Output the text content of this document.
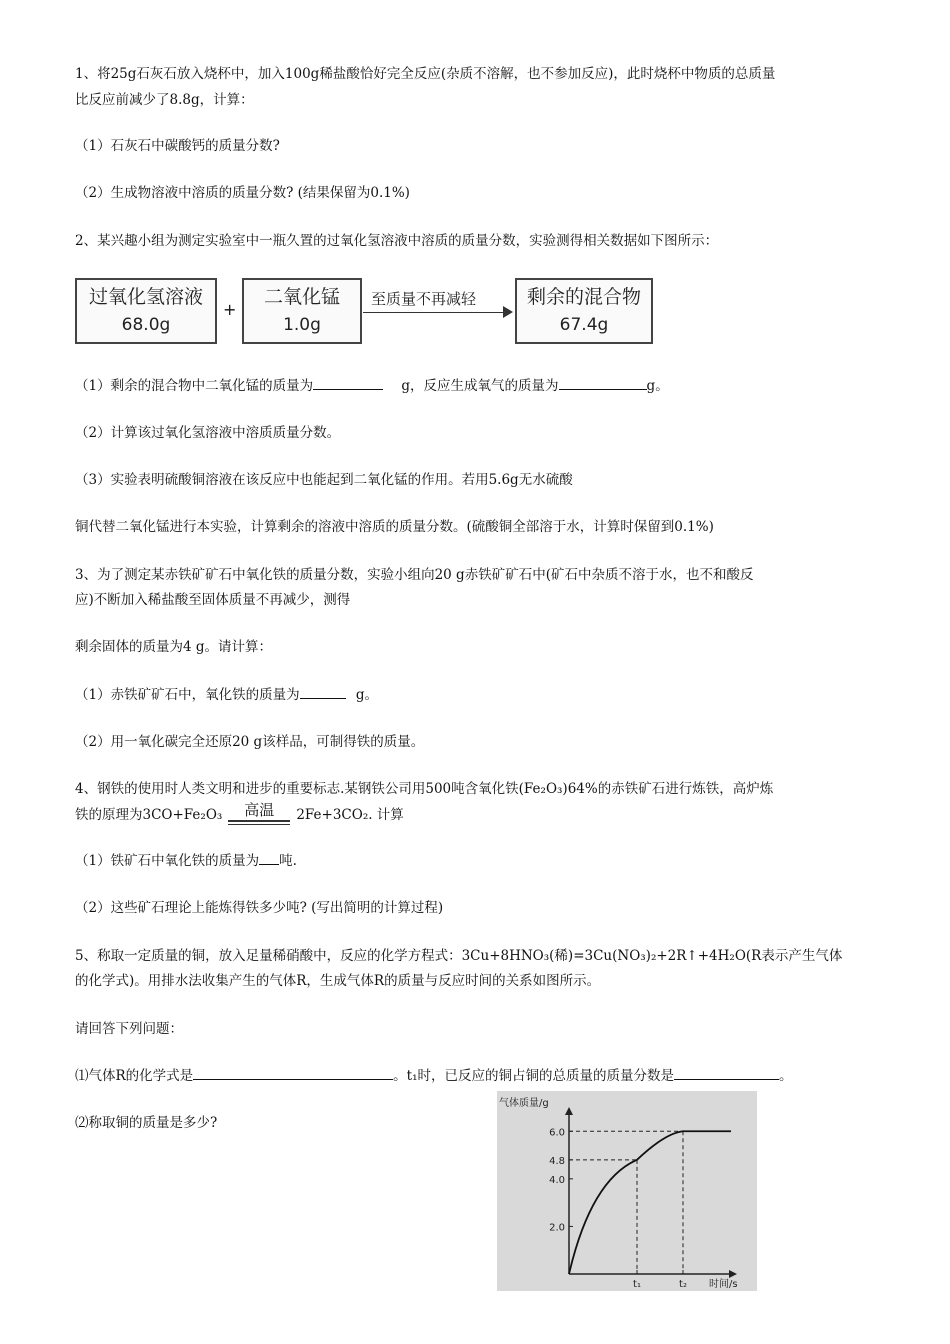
1、将25g石灰石放入烧杯中，加入100g稀盐酸恰好完全反应(杂质不溶解，也不参加反应)，此时烧杯中物质的总质量
比反应前减少了8.8g，计算：
（1）石灰石中碳酸钙的质量分数?
（2）生成物溶液中溶质的质量分数? (结果保留为0.1%)
2、某兴趣小组为测定实验室中一瓶久置的过氧化氢溶液中溶质的质量分数，实验测得相关数据如下图所示：
过氧化氢溶液
68.0g
+
二氧化锰
1.0g
至质量不再减轻	剩余的混合物
67.4g
（1）剩余的混合物中二氧化锰的质量为	g，反应生成氧气的质量为	g。
（2）计算该过氧化氢溶液中溶质质量分数。
（3）实验表明硫酸铜溶液在该反应中也能起到二氧化锰的作用。若用5.6g无水硫酸
铜代替二氧化锰进行本实验，计算剩余的溶液中溶质的质量分数。(硫酸铜全部溶于水，计算时保留到0.1%)
3、为了测定某赤铁矿矿石中氧化铁的质量分数，实验小组向20 g赤铁矿矿石中(矿石中杂质不溶于水，也不和酸反
应)不断加入稀盐酸至固体质量不再减少，测得
剩余固体的质量为4 g。请计算：
（1）赤铁矿矿石中，氧化铁的质量为	g。
（2）用一氧化碳完全还原20 g该样品，可制得铁的质量。
4、钢铁的使用时人类文明和进步的重要标志.某钢铁公司用500吨含氧化铁(Fe₂O₃)64%的赤铁矿石进行炼铁，高炉炼
铁的原理为3CO+Fe₂O₃ 高温 2Fe+3CO₂. 计算
（1）铁矿石中氧化铁的质量为 吨.
（2）这些矿石理论上能炼得铁多少吨? (写出简明的计算过程)
5、称取一定质量的铜，放入足量稀硝酸中，反应的化学方程式：3Cu+8HNO₃(稀)=3Cu(NO₃)₂+2R↑+4H₂O(R表示产生气体
的化学式)。用排水法收集产生的气体R，生成气体R的质量与反应时间的关系如图所示。
请回答下列问题：
⑴气体R的化学式是	。t₁时，已反应的铜占铜的总质量的质量分数是	。
⑵称取铜的质量是多少?
气体质量/g
时间/s
6.0
4.8
4.0
2.0
t₁	t₂
